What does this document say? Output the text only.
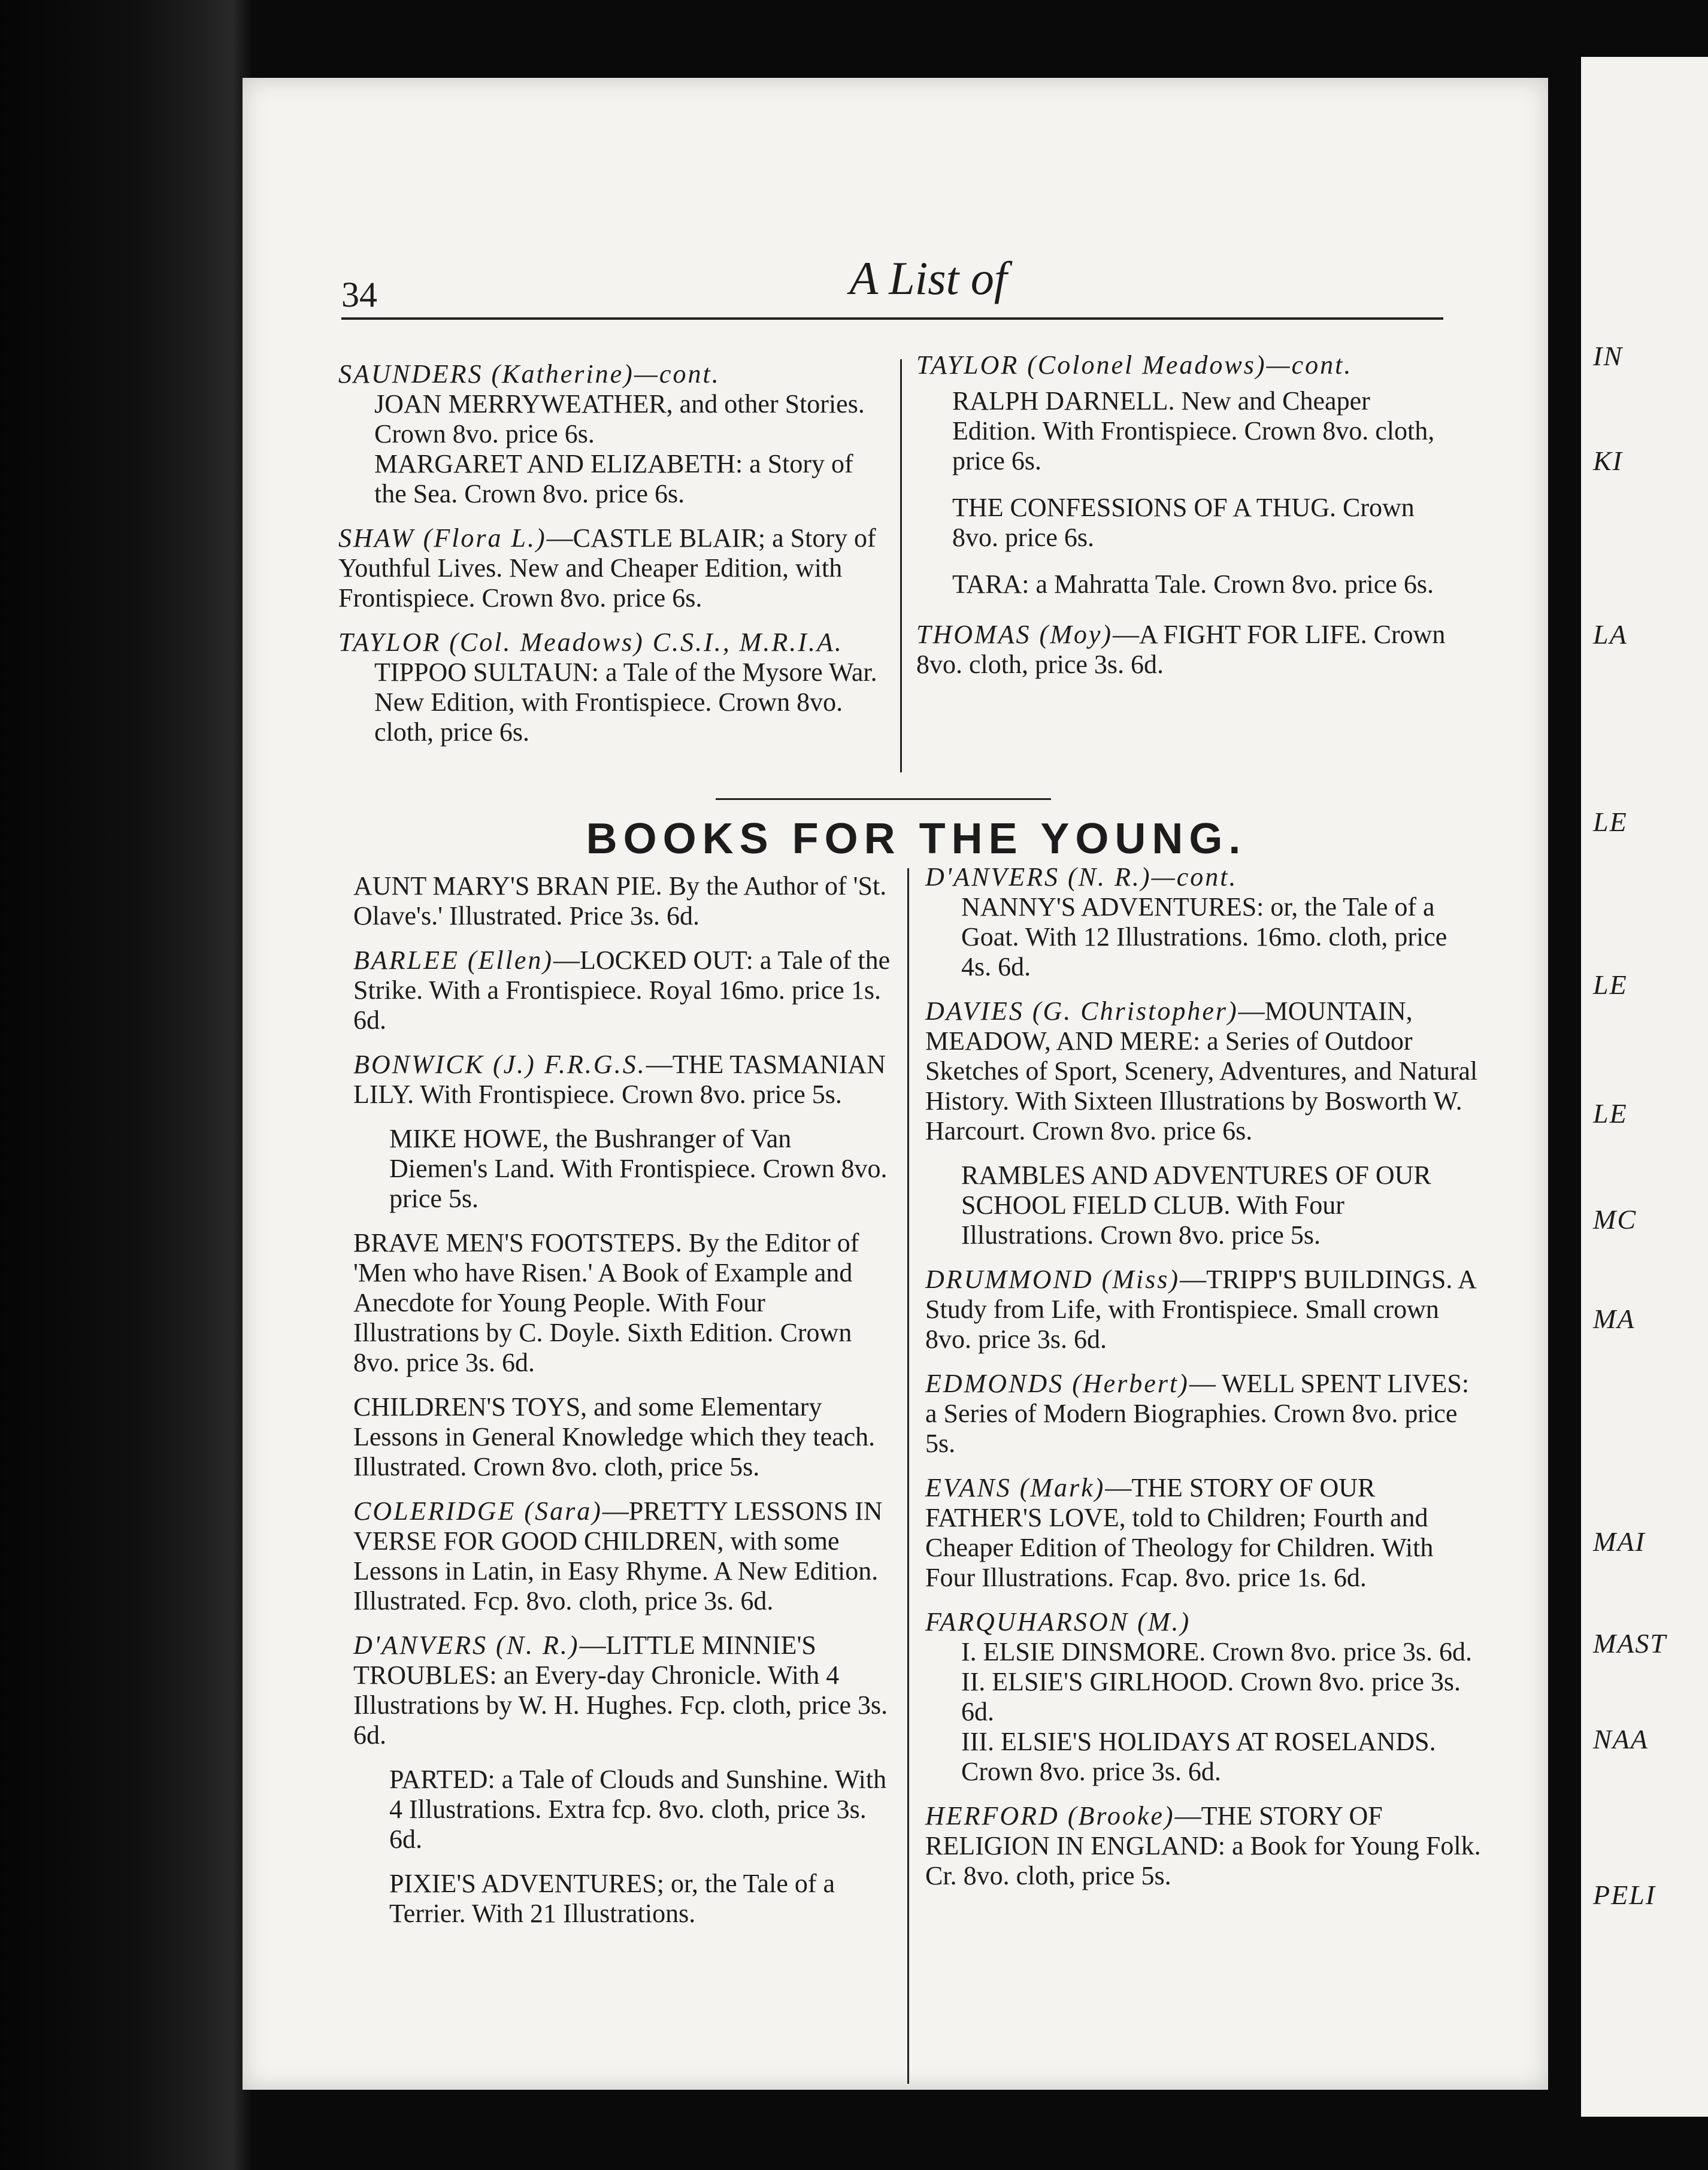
34	A List of
SAUNDERS (Katherine)—cont.
JOAN MERRYWEATHER, and other Stories. Crown 8vo. price 6s.
MARGARET AND ELIZABETH: a Story of the Sea. Crown 8vo. price 6s.
SHAW (Flora L.)—CASTLE BLAIR; a Story of Youthful Lives. New and Cheaper Edition, with Frontispiece. Crown 8vo. price 6s.
TAYLOR (Col. Meadows) C.S.I., M.R.I.A.
TIPPOO SULTAUN: a Tale of the Mysore War. New Edition, with Frontispiece. Crown 8vo. cloth, price 6s.
TAYLOR (Colonel Meadows)—cont.
RALPH DARNELL. New and Cheaper Edition. With Frontispiece. Crown 8vo. cloth, price 6s.
THE CONFESSIONS OF A THUG. Crown 8vo. price 6s.
TARA: a Mahratta Tale. Crown 8vo. price 6s.
THOMAS (Moy)—A FIGHT FOR LIFE. Crown 8vo. cloth, price 3s. 6d.
BOOKS FOR THE YOUNG.
AUNT MARY'S BRAN PIE. By the Author of 'St. Olave's.' Illustrated. Price 3s. 6d.
BARLEE (Ellen)—LOCKED OUT: a Tale of the Strike. With a Frontispiece. Royal 16mo. price 1s. 6d.
BONWICK (J.) F.R.G.S.—THE TASMANIAN LILY. With Frontispiece. Crown 8vo. price 5s.
MIKE HOWE, the Bushranger of Van Diemen's Land. With Frontispiece. Crown 8vo. price 5s.
BRAVE MEN'S FOOTSTEPS. By the Editor of 'Men who have Risen.' A Book of Example and Anecdote for Young People. With Four Illustrations by C. Doyle. Sixth Edition. Crown 8vo. price 3s. 6d.
CHILDREN'S TOYS, and some Elementary Lessons in General Knowledge which they teach. Illustrated. Crown 8vo. cloth, price 5s.
COLERIDGE (Sara)—PRETTY LESSONS IN VERSE FOR GOOD CHILDREN, with some Lessons in Latin, in Easy Rhyme. A New Edition. Illustrated. Fcp. 8vo. cloth, price 3s. 6d.
D'ANVERS (N. R.)—LITTLE MINNIE'S TROUBLES: an Every-day Chronicle. With 4 Illustrations by W. H. Hughes. Fcp. cloth, price 3s. 6d.
PARTED: a Tale of Clouds and Sunshine. With 4 Illustrations. Extra fcp. 8vo. cloth, price 3s. 6d.
PIXIE'S ADVENTURES; or, the Tale of a Terrier. With 21 Illustrations.
D'ANVERS (N. R.)—cont.
NANNY'S ADVENTURES: or, the Tale of a Goat. With 12 Illustrations. 16mo. cloth, price 4s. 6d.
DAVIES (G. Christopher)—MOUNTAIN, MEADOW, AND MERE: a Series of Outdoor Sketches of Sport, Scenery, Adventures, and Natural History. With Sixteen Illustrations by Bosworth W. Harcourt. Crown 8vo. price 6s.
RAMBLES AND ADVENTURES OF OUR SCHOOL FIELD CLUB. With Four Illustrations. Crown 8vo. price 5s.
DRUMMOND (Miss)—TRIPP'S BUILDINGS. A Study from Life, with Frontispiece. Small crown 8vo. price 3s. 6d.
EDMONDS (Herbert)— WELL SPENT LIVES: a Series of Modern Biographies. Crown 8vo. price 5s.
EVANS (Mark)—THE STORY OF OUR FATHER'S LOVE, told to Children; Fourth and Cheaper Edition of Theology for Children. With Four Illustrations. Fcap. 8vo. price 1s. 6d.
FARQUHARSON (M.)
I. ELSIE DINSMORE. Crown 8vo. price 3s. 6d.
II. ELSIE'S GIRLHOOD. Crown 8vo. price 3s. 6d.
III. ELSIE'S HOLIDAYS AT ROSELANDS. Crown 8vo. price 3s. 6d.
HERFORD (Brooke)—THE STORY OF RELIGION IN ENGLAND: a Book for Young Folk. Cr. 8vo. cloth, price 5s.
IN
KI
LA
LE
LE
LE
MC
MA
MAI
MAST
NAA
PELI
